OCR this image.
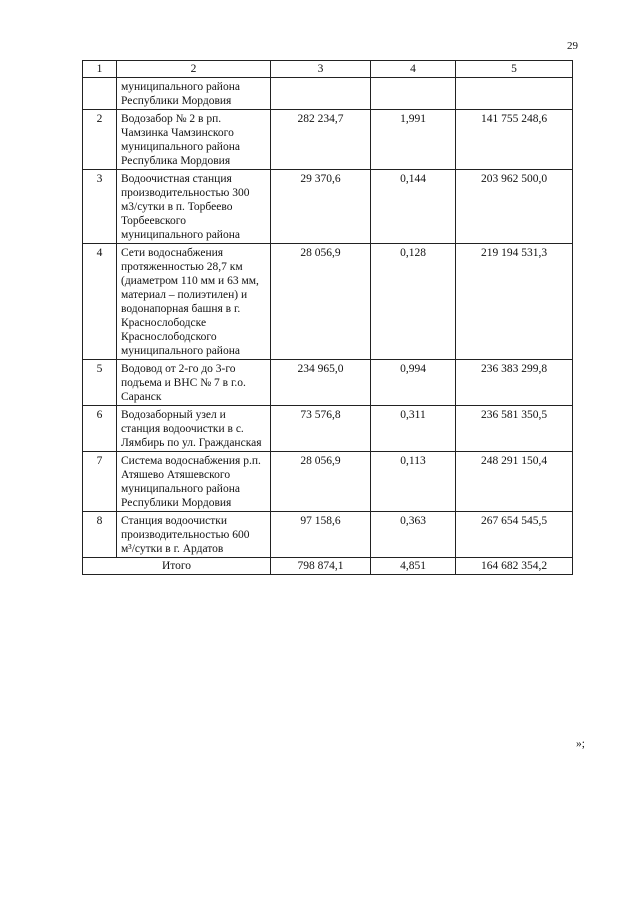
29
1	2	3	4	5
	муниципального района Республики Мордовия			
2	Водозабор № 2 в рп. Чамзинка Чамзинского муниципального района Республика Мордовия	282 234,7	1,991	141 755 248,6
3	Водоочистная станция производительностью 300 м3/сутки в п. Торбеево Торбеевского муниципального района	29 370,6	0,144	203 962 500,0
4	Сети водоснабжения протяженностью 28,7 км (диаметром 110 мм и 63 мм, материал – полиэтилен) и водонапорная башня в г. Краснослободске Краснослободского муниципального района	28 056,9	0,128	219 194 531,3
5	Водовод от 2-го до 3-го подъема и ВНС № 7 в г.о. Саранск	234 965,0	0,994	236 383 299,8
6	Водозаборный узел и станция водоочистки в с. Лямбирь по ул. Гражданская	73 576,8	0,311	236 581 350,5
7	Система водоснабжения р.п. Атяшево Атяшевского муниципального района Республики Мордовия	28 056,9	0,113	248 291 150,4
8	Станция водоочистки производительностью 600 м³/сутки в г. Ардатов	97 158,6	0,363	267 654 545,5
Итого		798 874,1	4,851	164 682 354,2
»;
